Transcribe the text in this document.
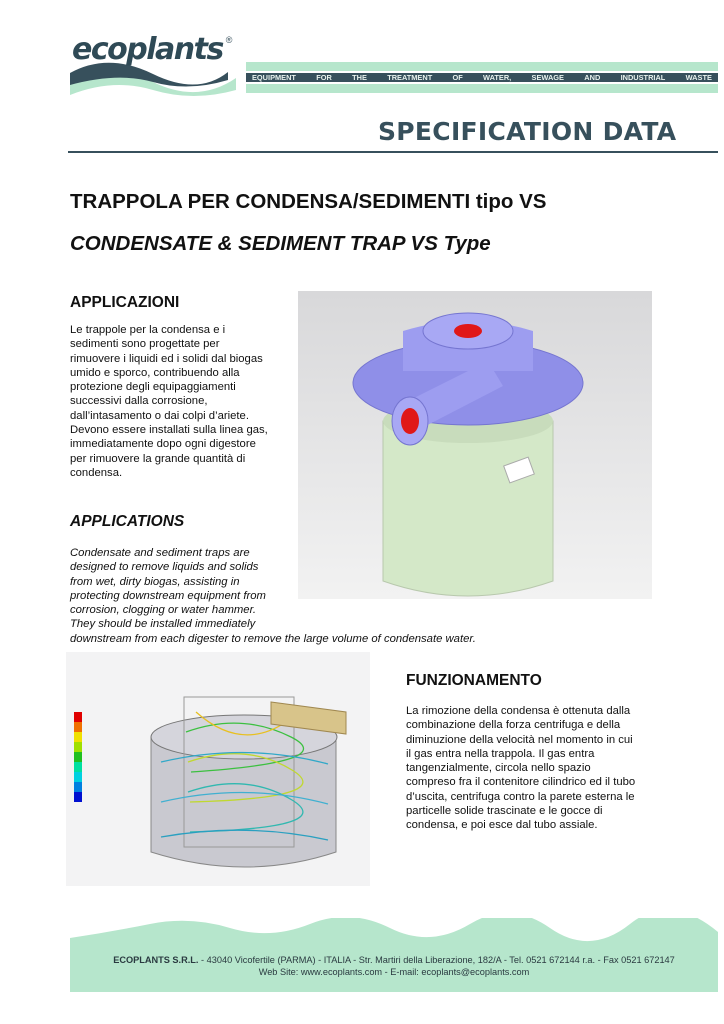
ecoplants ®
EQUIPMENT	FOR	THE	TREATMENT	OF	WATER,	SEWAGE	AND	INDUSTRIAL	WASTE
SPECIFICATION DATA
TRAPPOLA PER CONDENSA/SEDIMENTI tipo VS
CONDENSATE & SEDIMENT TRAP VS Type
APPLICAZIONI
Le trappole per la condensa e i
sedimenti sono progettate per
rimuovere i liquidi ed i solidi dal biogas
umido e sporco, contribuendo alla
protezione degli equipaggiamenti
successivi dalla corrosione,
dall’intasamento o dai colpi d’ariete.
Devono essere installati sulla linea gas,
immediatamente dopo ogni digestore
per rimuovere la grande quantità di
condensa.
APPLICATIONS
Condensate and sediment traps are
designed to remove liquids and solids
from wet, dirty biogas, assisting in
protecting downstream equipment from
corrosion, clogging or water hammer.
They should be installed immediately
downstream from each digester to remove the large volume of condensate water.
FUNZIONAMENTO
La rimozione della condensa è ottenuta dalla
combinazione della forza centrifuga e della
diminuzione della velocità nel momento in cui
il gas entra nella trappola. Il gas entra
tangenzialmente, circola nello spazio
compreso fra il contenitore cilindrico ed il tubo
d’uscita, centrifuga contro la parete esterna le
particelle solide trascinate e le gocce di
condensa, e poi esce dal tubo assiale.
ECOPLANTS S.R.L. - 43040 Vicofertile (PARMA) - ITALIA - Str. Martiri della Liberazione, 182/A - Tel. 0521 672144 r.a. - Fax 0521 672147
Web Site: www.ecoplants.com - E-mail: ecoplants@ecoplants.com
